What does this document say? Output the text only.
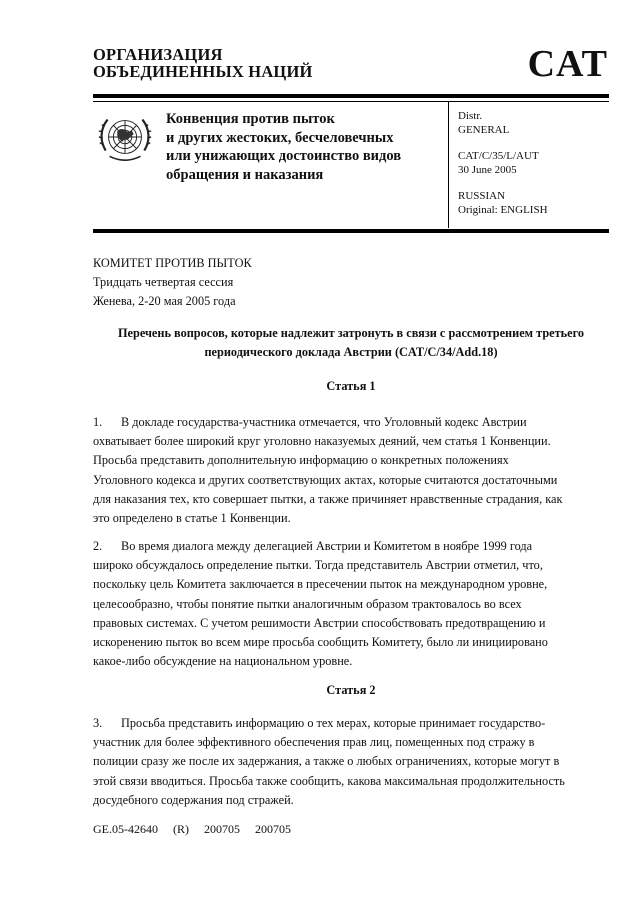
ОРГАНИЗАЦИЯ
ОБЪЕДИНЕННЫХ НАЦИЙ	CAT
Конвенция против пыток
и других жестоких, бесчеловечных
или унижающих достоинство видов
обращения и наказания
Distr.
GENERAL
CAT/C/35/L/AUT
30 June 2005
RUSSIAN
Original: ENGLISH
КОМИТЕТ ПРОТИВ ПЫТОК
Тридцать четвертая сессия
Женева, 2-20 мая 2005 года
Перечень вопросов, которые надлежит затронуть в связи с рассмотрением третьего
периодического доклада Австрии (CAT/C/34/Add.18)
Статья 1
1. В докладе государства-участника отмечается, что Уголовный кодекс Австрии
охватывает более широкий круг уголовно наказуемых деяний, чем статья 1 Конвенции.
Просьба представить дополнительную информацию о конкретных положениях
Уголовного кодекса и других соответствующих актах, которые считаются достаточными
для наказания тех, кто совершает пытки, а также причиняет нравственные страдания, как
это определено в статье 1 Конвенции.
2. Во время диалога между делегацией Австрии и Комитетом в ноябре 1999 года
широко обсуждалось определение пытки. Тогда представитель Австрии отметил, что,
поскольку цель Комитета заключается в пресечении пыток на международном уровне,
целесообразно, чтобы понятие пытки аналогичным образом трактовалось во всех
правовых системах. С учетом решимости Австрии способствовать предотвращению и
искоренению пыток во всем мире просьба сообщить Комитету, было ли инициировано
какое-либо обсуждение на национальном уровне.
Статья 2
3. Просьба представить информацию о тех мерах, которые принимает государство-
участник для более эффективного обеспечения прав лиц, помещенных под стражу в
полиции сразу же после их задержания, а также о любых ограничениях, которые могут в
этой связи вводиться. Просьба также сообщить, какова максимальная продолжительность
досудебного содержания под стражей.
GE.05-42640 (R) 200705 200705
